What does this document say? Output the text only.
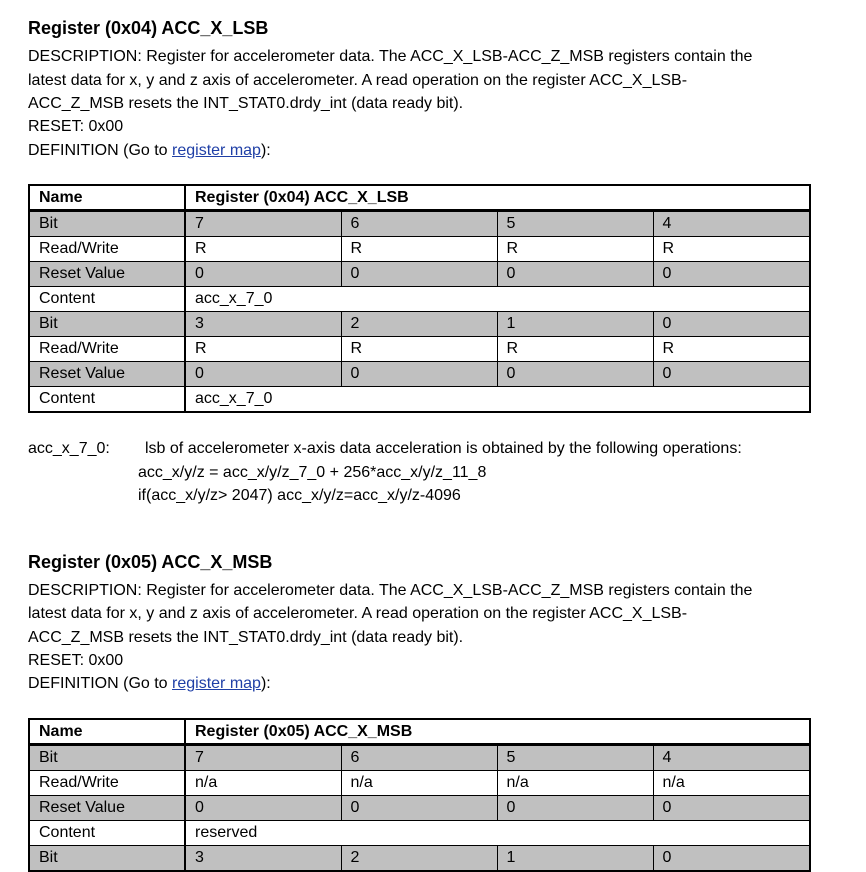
Register (0x04) ACC_X_LSB
DESCRIPTION: Register for accelerometer data. The ACC_X_LSB-ACC_Z_MSB registers contain the
latest data for x, y and z axis of accelerometer. A read operation on the register ACC_X_LSB-
ACC_Z_MSB resets the INT_STAT0.drdy_int (data ready bit).
RESET: 0x00
DEFINITION (Go to register map):
Name	Register (0x04) ACC_X_LSB			
Bit	7	6	5	4
Read/Write	R	R	R	R
Reset Value	0	0	0	0
Content	acc_x_7_0			
Bit	3	2	1	0
Read/Write	R	R	R	R
Reset Value	0	0	0	0
Content	acc_x_7_0			
acc_x_7_0: lsb of accelerometer x-axis data acceleration is obtained by the following operations:
acc_x/y/z = acc_x/y/z_7_0 + 256*acc_x/y/z_11_8
if(acc_x/y/z> 2047) acc_x/y/z=acc_x/y/z-4096
Register (0x05) ACC_X_MSB
DESCRIPTION: Register for accelerometer data. The ACC_X_LSB-ACC_Z_MSB registers contain the
latest data for x, y and z axis of accelerometer. A read operation on the register ACC_X_LSB-
ACC_Z_MSB resets the INT_STAT0.drdy_int (data ready bit).
RESET: 0x00
DEFINITION (Go to register map):
Name	Register (0x05) ACC_X_MSB			
Bit	7	6	5	4
Read/Write	n/a	n/a	n/a	n/a
Reset Value	0	0	0	0
Content	reserved			
Bit	3	2	1	0
